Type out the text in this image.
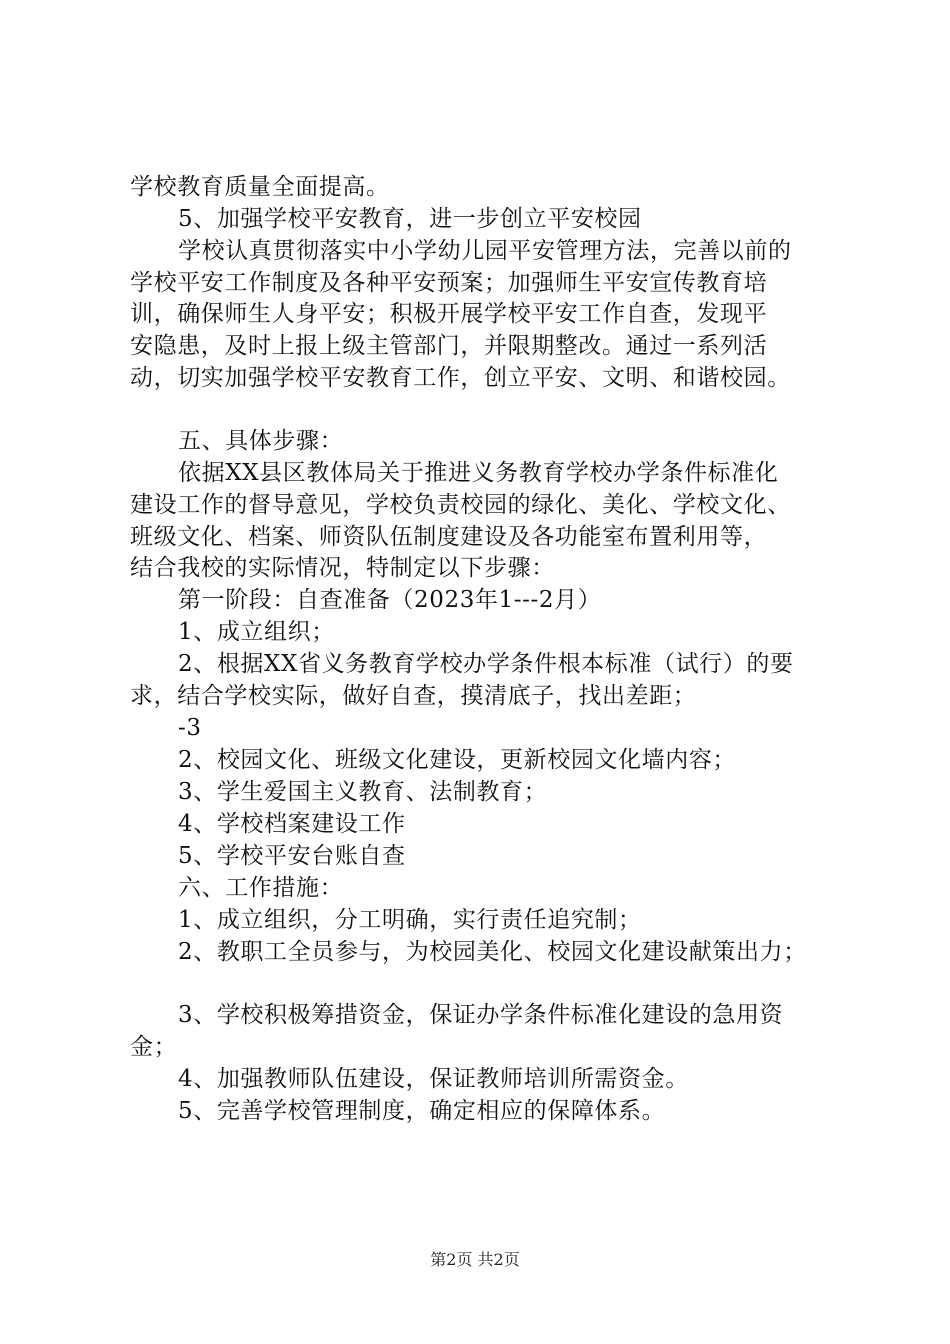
学校教育质量全面提高。
5、加强学校平安教育，进一步创立平安校园
学校认真贯彻落实中小学幼儿园平安管理方法，完善以前的
学校平安工作制度及各种平安预案；加强师生平安宣传教育培
训，确保师生人身平安；积极开展学校平安工作自查，发现平
安隐患，及时上报上级主管部门，并限期整改。通过一系列活
动，切实加强学校平安教育工作，创立平安、文明、和谐校园。
五、具体步骤：
依据XX县区教体局关于推进义务教育学校办学条件标准化
建设工作的督导意见，学校负责校园的绿化、美化、学校文化、
班级文化、档案、师资队伍制度建设及各功能室布置利用等，
结合我校的实际情况，特制定以下步骤：
第一阶段：自查准备（2023年1---2月）
1、成立组织；
2、根据XX省义务教育学校办学条件根本标准（试行）的要
求，结合学校实际，做好自查，摸清底子，找出差距；
-3
2、校园文化、班级文化建设，更新校园文化墙内容；
3、学生爱国主义教育、法制教育；
4、学校档案建设工作
5、学校平安台账自查
六、工作措施：
1、成立组织，分工明确，实行责任追究制；
2、教职工全员参与，为校园美化、校园文化建设献策出力；
3、学校积极筹措资金，保证办学条件标准化建设的急用资
金；
4、加强教师队伍建设，保证教师培训所需资金。
5、完善学校管理制度，确定相应的保障体系。
第2页 共2页
